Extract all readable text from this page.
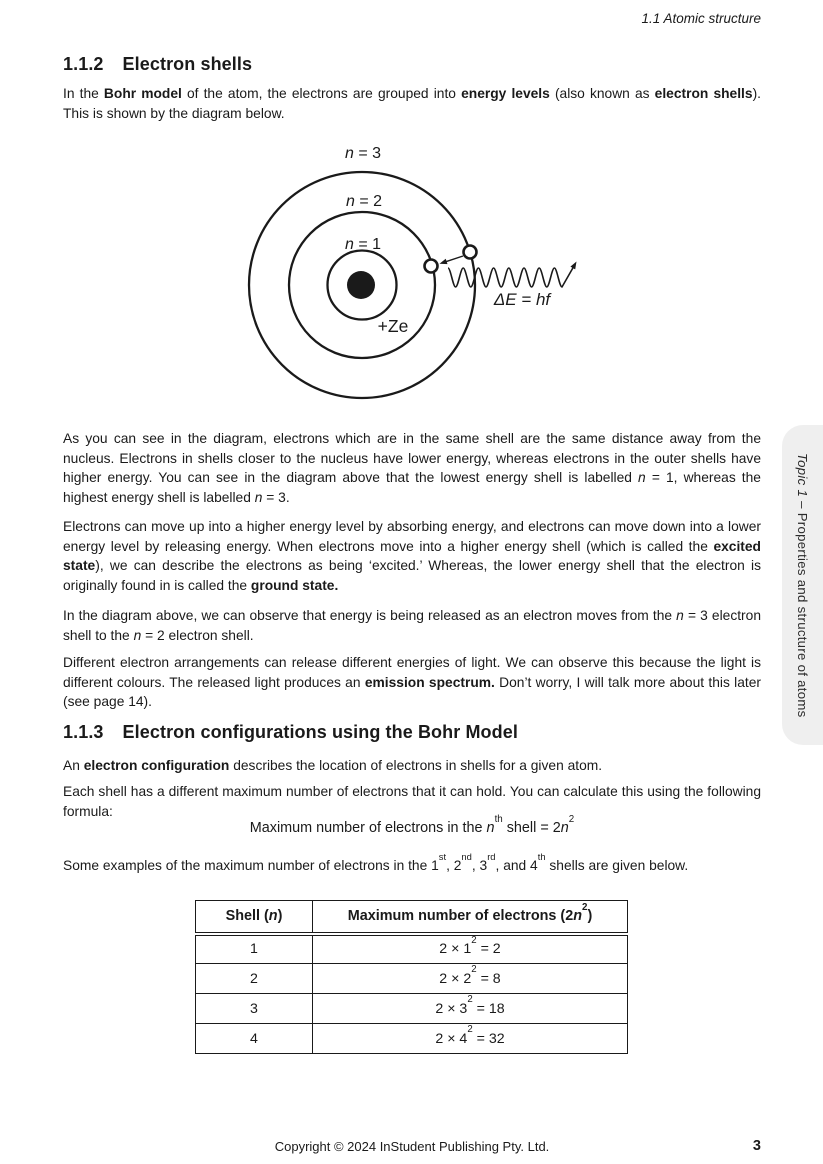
1.1 Atomic structure
1.1.2 Electron shells

In the Bohr model of the atom, the electrons are grouped into energy levels (also known as electron shells). This is shown by the diagram below.

n = 3
n = 2
n = 1
+Ze
ΔE = hf

As you can see in the diagram, electrons which are in the same shell are the same distance away from the nucleus. Electrons in shells closer to the nucleus have lower energy, whereas electrons in the outer shells have higher energy. You can see in the diagram above that the lowest energy shell is labelled n = 1, whereas the highest energy shell is labelled n = 3.

Electrons can move up into a higher energy level by absorbing energy, and electrons can move down into a lower energy level by releasing energy. When electrons move into a higher energy shell (which is called the excited state), we can describe the electrons as being ‘excited.’ Whereas, the lower energy shell that the electron is originally found in is called the ground state.

In the diagram above, we can observe that energy is being released as an electron moves from the n = 3 electron shell to the n = 2 electron shell.

Different electron arrangements can release different energies of light. We can observe this because the light is different colours. The released light produces an emission spectrum. Don’t worry, I will talk more about this later (see page 14).

1.1.3 Electron configurations using the Bohr Model

An electron configuration describes the location of electrons in shells for a given atom.

Each shell has a different maximum number of electrons that it can hold. You can calculate this using the following formula:

Maximum number of electrons in the $n^{th}$ shell = $2n^2$

Some examples of the maximum number of electrons in the 1st, 2nd, 3rd, and 4th shells are given below.

Shell (n)	Maximum number of electrons $(2n^2)$
1	$2 \times 1^2 = 2$
2	$2 \times 2^2 = 8$
3	$2 \times 3^2 = 18$
4	$2 \times 4^2 = 32$
Topic 1 – Properties and structure of atoms
Copyright © 2024 InStudent Publishing Pty. Ltd.	3
